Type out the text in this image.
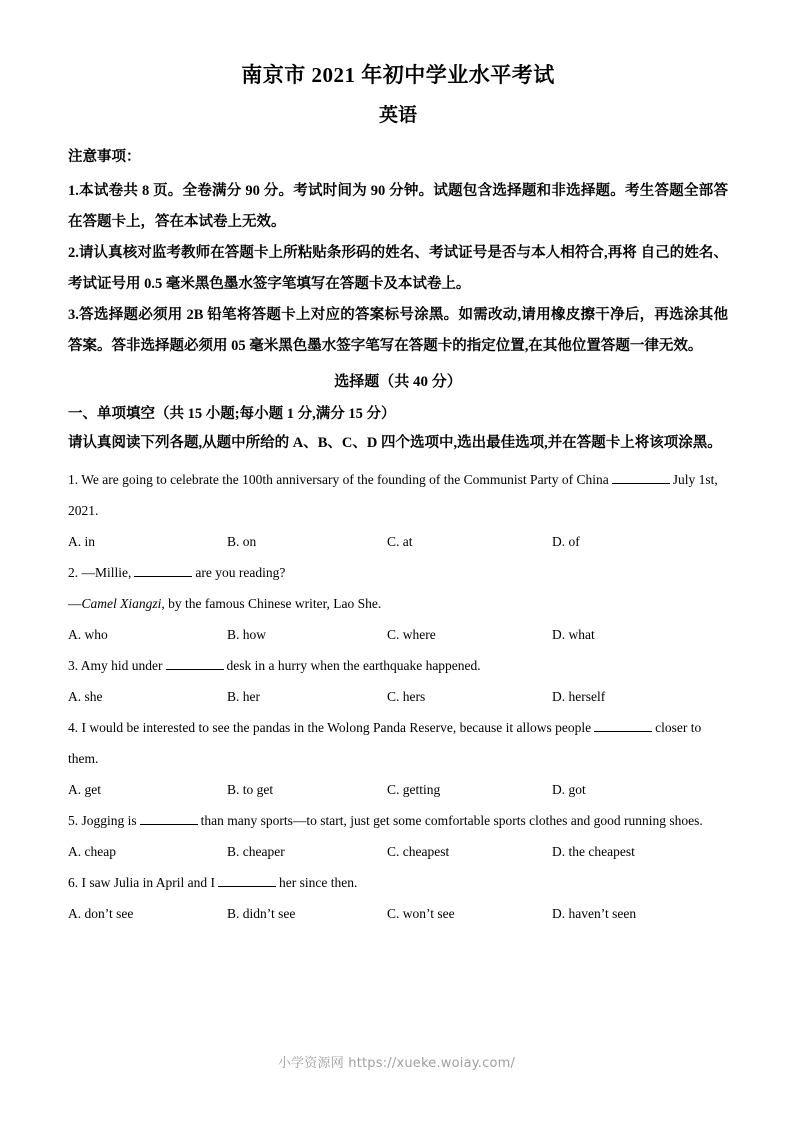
南京市 2021 年初中学业水平考试
英语

注意事项：

1.本试卷共 8 页。全卷满分 90 分。考试时间为 90 分钟。试题包含选择题和非选择题。考生答题全部答在答题卡上，答在本试卷上无效。

2.请认真核对监考教师在答题卡上所粘贴条形码的姓名、考试证号是否与本人相符合,再将 自己的姓名、考试证号用 0.5 毫米黑色墨水签字笔填写在答题卡及本试卷上。

3.答选择题必须用 2B 铅笔将答题卡上对应的答案标号涂黑。如需改动,请用橡皮擦干净后，再选涂其他答案。答非选择题必须用 05 毫米黑色墨水签字笔写在答题卡的指定位置,在其他位置答题一律无效。

选择题（共 40 分）

一、单项填空（共 15 小题;每小题 1 分,满分 15 分）

请认真阅读下列各题,从题中所给的 A、B、C、D 四个选项中,选出最佳选项,并在答题卡上将该项涂黑。

1. We are going to celebrate the 100th anniversary of the founding of the Communist Party of China	July 1st, 2021.

A. in	B. on	C. at	D. of

2. —Millie,	are you reading?

—Camel Xiangzi, by the famous Chinese writer, Lao She.

A. who	B. how	C. where	D. what

3. Amy hid under	desk in a hurry when the earthquake happened.

A. she	B. her	C. hers	D. herself

4. I would be interested to see the pandas in the Wolong Panda Reserve, because it allows people	closer to them.

A. get	B. to get	C. getting	D. got

5. Jogging is	than many sports—to start, just get some comfortable sports clothes and good running shoes.

A. cheap	B. cheaper	C. cheapest	D. the cheapest

6. I saw Julia in April and I	her since then.

A. don’t see	B. didn’t see	C. won’t see	D. haven’t seen
小学资源网 https://xueke.woiay.com/
